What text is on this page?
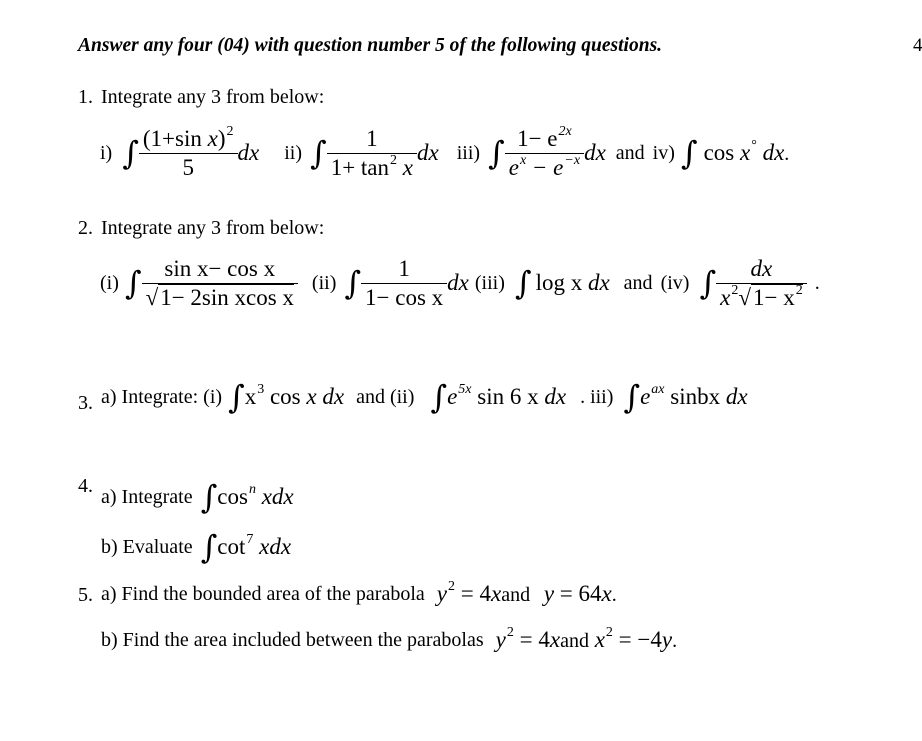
Answer any four (04) with question number 5 of the following questions.	4
1. Integrate any 3 from below:
i) ∫ $\frac{(1+\sin x)^2}{5}$ dx ii) ∫ $\frac{1}{1+ \tan^2 x}$ dx iii) ∫ $\frac{1- e^{2x}}{e^x - e^{-x}}$ dx and iv) ∫ cos x° dx.
2. Integrate any 3 from below:
(i) ∫ $\frac{\text{sin x− cos x}}{\text{√1− 2sin xcos x}} (ii)$ ∫ $\frac{1}{\text{1− cos x}}$ dx (iii) ∫ log x dx and (iv) ∫ $\frac{dx}{x^2√1- x^2}$ .
3. a) Integrate: (i) ∫ $x^3$ cos x dx and (ii) ∫ $e^{5x}$ sin 6 x dx . iii) ∫ $e^{ax}$ sinbx dx
4. a) Integrate ∫ $\cos^n$ xdx
b) Evaluate ∫ $\cot^7$ xdx
5. a) Find the bounded area of the parabola $y^2$ = 4xand y = 64x.
b) Find the area included between the parabolas $y^2$ = 4xand $x^2 = -4y$.
